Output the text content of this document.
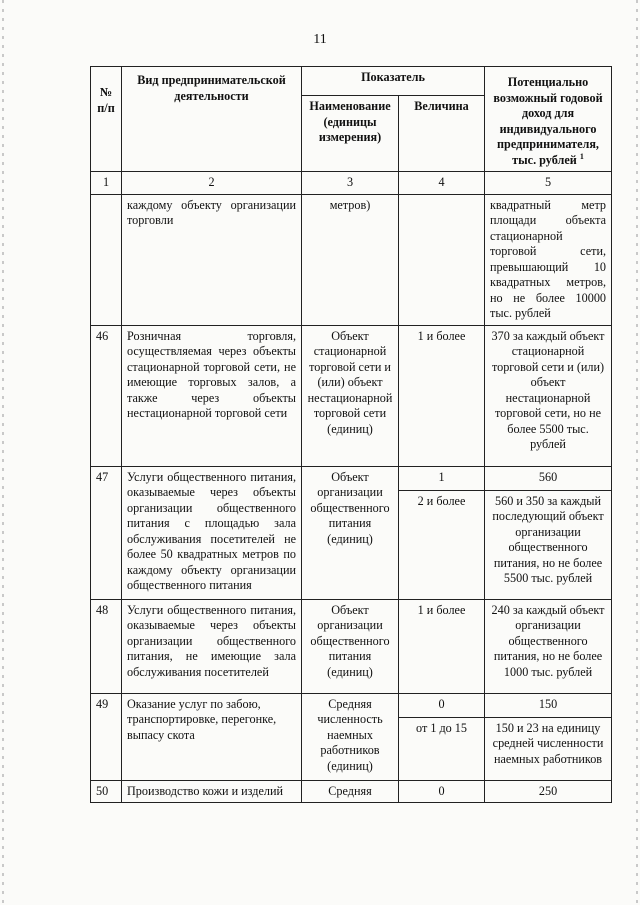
11
№ п/п	Вид предпринимательской деятельности	Показатель		Потенциально возможный годовой доход для индивидуального предпринимателя, тыс. рублей $^1$
		Наименование (единицы измерения)	Величина	
1	2	3	4	5
	каждому объекту организации торговли	метров)		квадратный метр площади объекта стационарной торговой сети, превышающий 10 квадратных метров, но не более 10000 тыс. рублей
46	Розничная торговля, осуществляемая через объекты стационарной торговой сети, не имеющие торговых залов, а также через объекты нестационарной торговой сети	Объект стационарной торговой сети и (или) объект нестационарной торговой сети (единиц)	1 и более	370 за каждый объект стационарной торговой сети и (или) объект нестационарной торговой сети, но не более 5500 тыс. рублей
47	Услуги общественного питания, оказываемые через объекты организации общественного питания с площадью зала обслуживания посетителей не более 50 квадратных метров по каждому объекту организации общественного питания	Объект организации общественного питания (единиц)	1	560
			2 и более	560 и 350 за каждый последующий объект организации общественного питания, но не более 5500 тыс. рублей
48	Услуги общественного питания, оказываемые через объекты организации общественного питания, не имеющие зала обслуживания посетителей	Объект организации общественного питания (единиц)	1 и более	240 за каждый объект организации общественного питания, но не более 1000 тыс. рублей
49	Оказание услуг по забою, транспортировке, перегонке, выпасу скота	Средняя численность наемных работников (единиц)	0	150
			от 1 до 15	150 и 23 на единицу средней численности наемных работников
50	Производство кожи и изделий	Средняя	0	250
